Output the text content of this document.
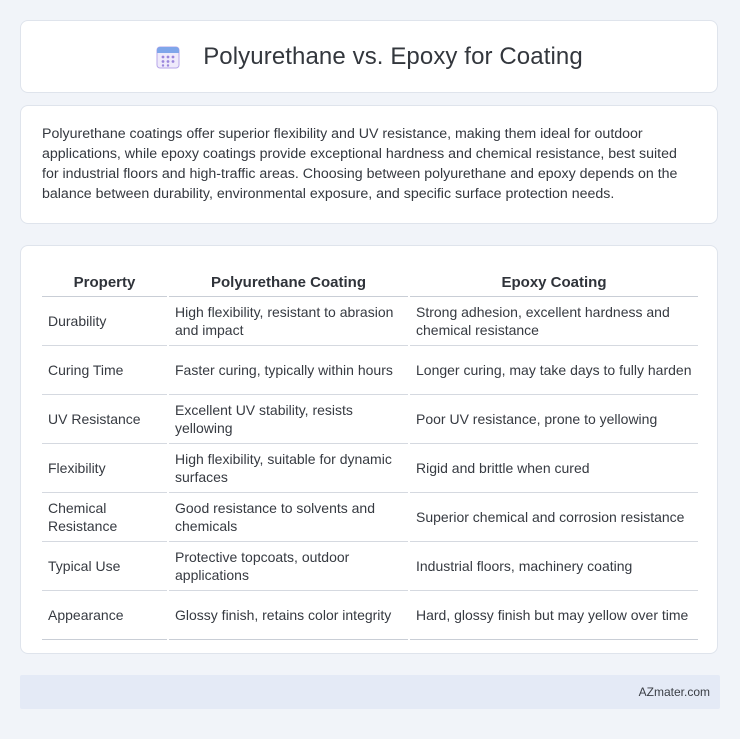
Polyurethane vs. Epoxy for Coating

Polyurethane coatings offer superior flexibility and UV resistance, making them ideal for outdoor applications, while epoxy coatings provide exceptional hardness and chemical resistance, best suited for industrial floors and high-traffic areas. Choosing between polyurethane and epoxy depends on the balance between durability, environmental exposure, and specific surface protection needs.

Property	Polyurethane Coating	Epoxy Coating
Durability	High flexibility, resistant to abrasion and impact	Strong adhesion, excellent hardness and chemical resistance
Curing Time	Faster curing, typically within hours	Longer curing, may take days to fully harden
UV Resistance	Excellent UV stability, resists yellowing	Poor UV resistance, prone to yellowing
Flexibility	High flexibility, suitable for dynamic surfaces	Rigid and brittle when cured
Chemical Resistance	Good resistance to solvents and chemicals	Superior chemical and corrosion resistance
Typical Use	Protective topcoats, outdoor applications	Industrial floors, machinery coating
Appearance	Glossy finish, retains color integrity	Hard, glossy finish but may yellow over time
AZmater.com
